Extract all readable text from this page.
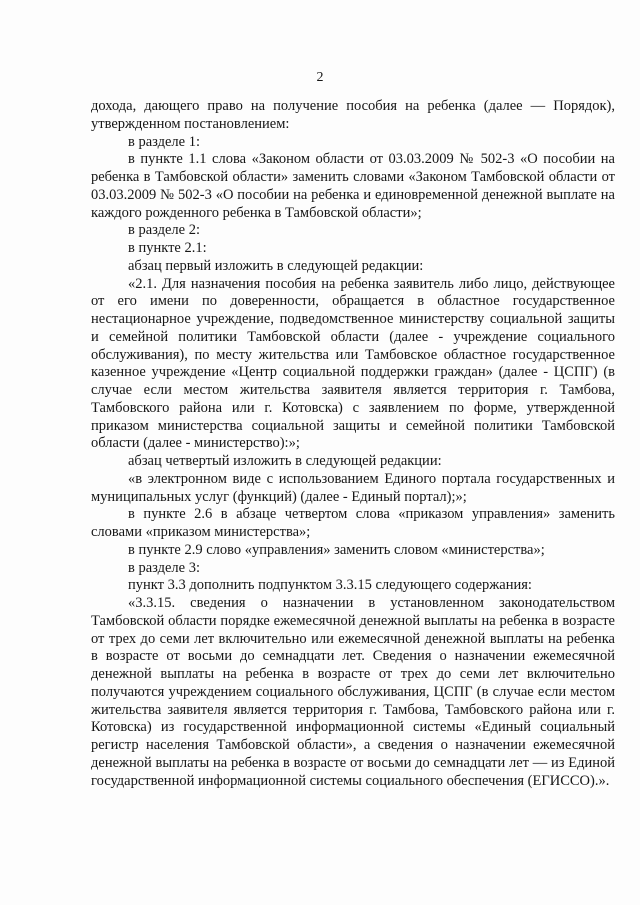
2

дохода, дающего право на получение пособия на ребенка (далее — Порядок), утвержденном постановлением:

в разделе 1:

в пункте 1.1 слова «Законом области от 03.03.2009 № 502-3 «О пособии на ребенка в Тамбовской области» заменить словами «Законом Тамбовской области от 03.03.2009 № 502-3 «О пособии на ребенка и единовременной денежной выплате на каждого рожденного ребенка в Тамбовской области»;

в разделе 2:

в пункте 2.1:

абзац первый изложить в следующей редакции:

«2.1. Для назначения пособия на ребенка заявитель либо лицо, действующее от его имени по доверенности, обращается в областное государственное нестационарное учреждение, подведомственное министерству социальной защиты и семейной политики Тамбовской области (далее - учреждение социального обслуживания), по месту жительства или Тамбовское областное государственное казенное учреждение «Центр социальной поддержки граждан» (далее - ЦСПГ) (в случае если местом жительства заявителя является территория г. Тамбова, Тамбовского района или г. Котовска) с заявлением по форме, утвержденной приказом министерства социальной защиты и семейной политики Тамбовской области (далее - министерство):»;

абзац четвертый изложить в следующей редакции:

«в электронном виде с использованием Единого портала государственных и муниципальных услуг (функций) (далее - Единый портал);»;

в пункте 2.6 в абзаце четвертом слова «приказом управления» заменить словами «приказом министерства»;

в пункте 2.9 слово «управления» заменить словом «министерства»;

в разделе 3:

пункт 3.3 дополнить подпунктом 3.3.15 следующего содержания:

«3.3.15. сведения о назначении в установленном законодательством Тамбовской области порядке ежемесячной денежной выплаты на ребенка в возрасте от трех до семи лет включительно или ежемесячной денежной выплаты на ребенка в возрасте от восьми до семнадцати лет. Сведения о назначении ежемесячной денежной выплаты на ребенка в возрасте от трех до семи лет включительно получаются учреждением социального обслуживания, ЦСПГ (в случае если местом жительства заявителя является территория г. Тамбова, Тамбовского района или г. Котовска) из государственной информационной системы «Единый социальный регистр населения Тамбовской области», а сведения о назначении ежемесячной денежной выплаты на ребенка в возрасте от восьми до семнадцати лет — из Единой государственной информационной системы социального обеспечения (ЕГИССО).».
